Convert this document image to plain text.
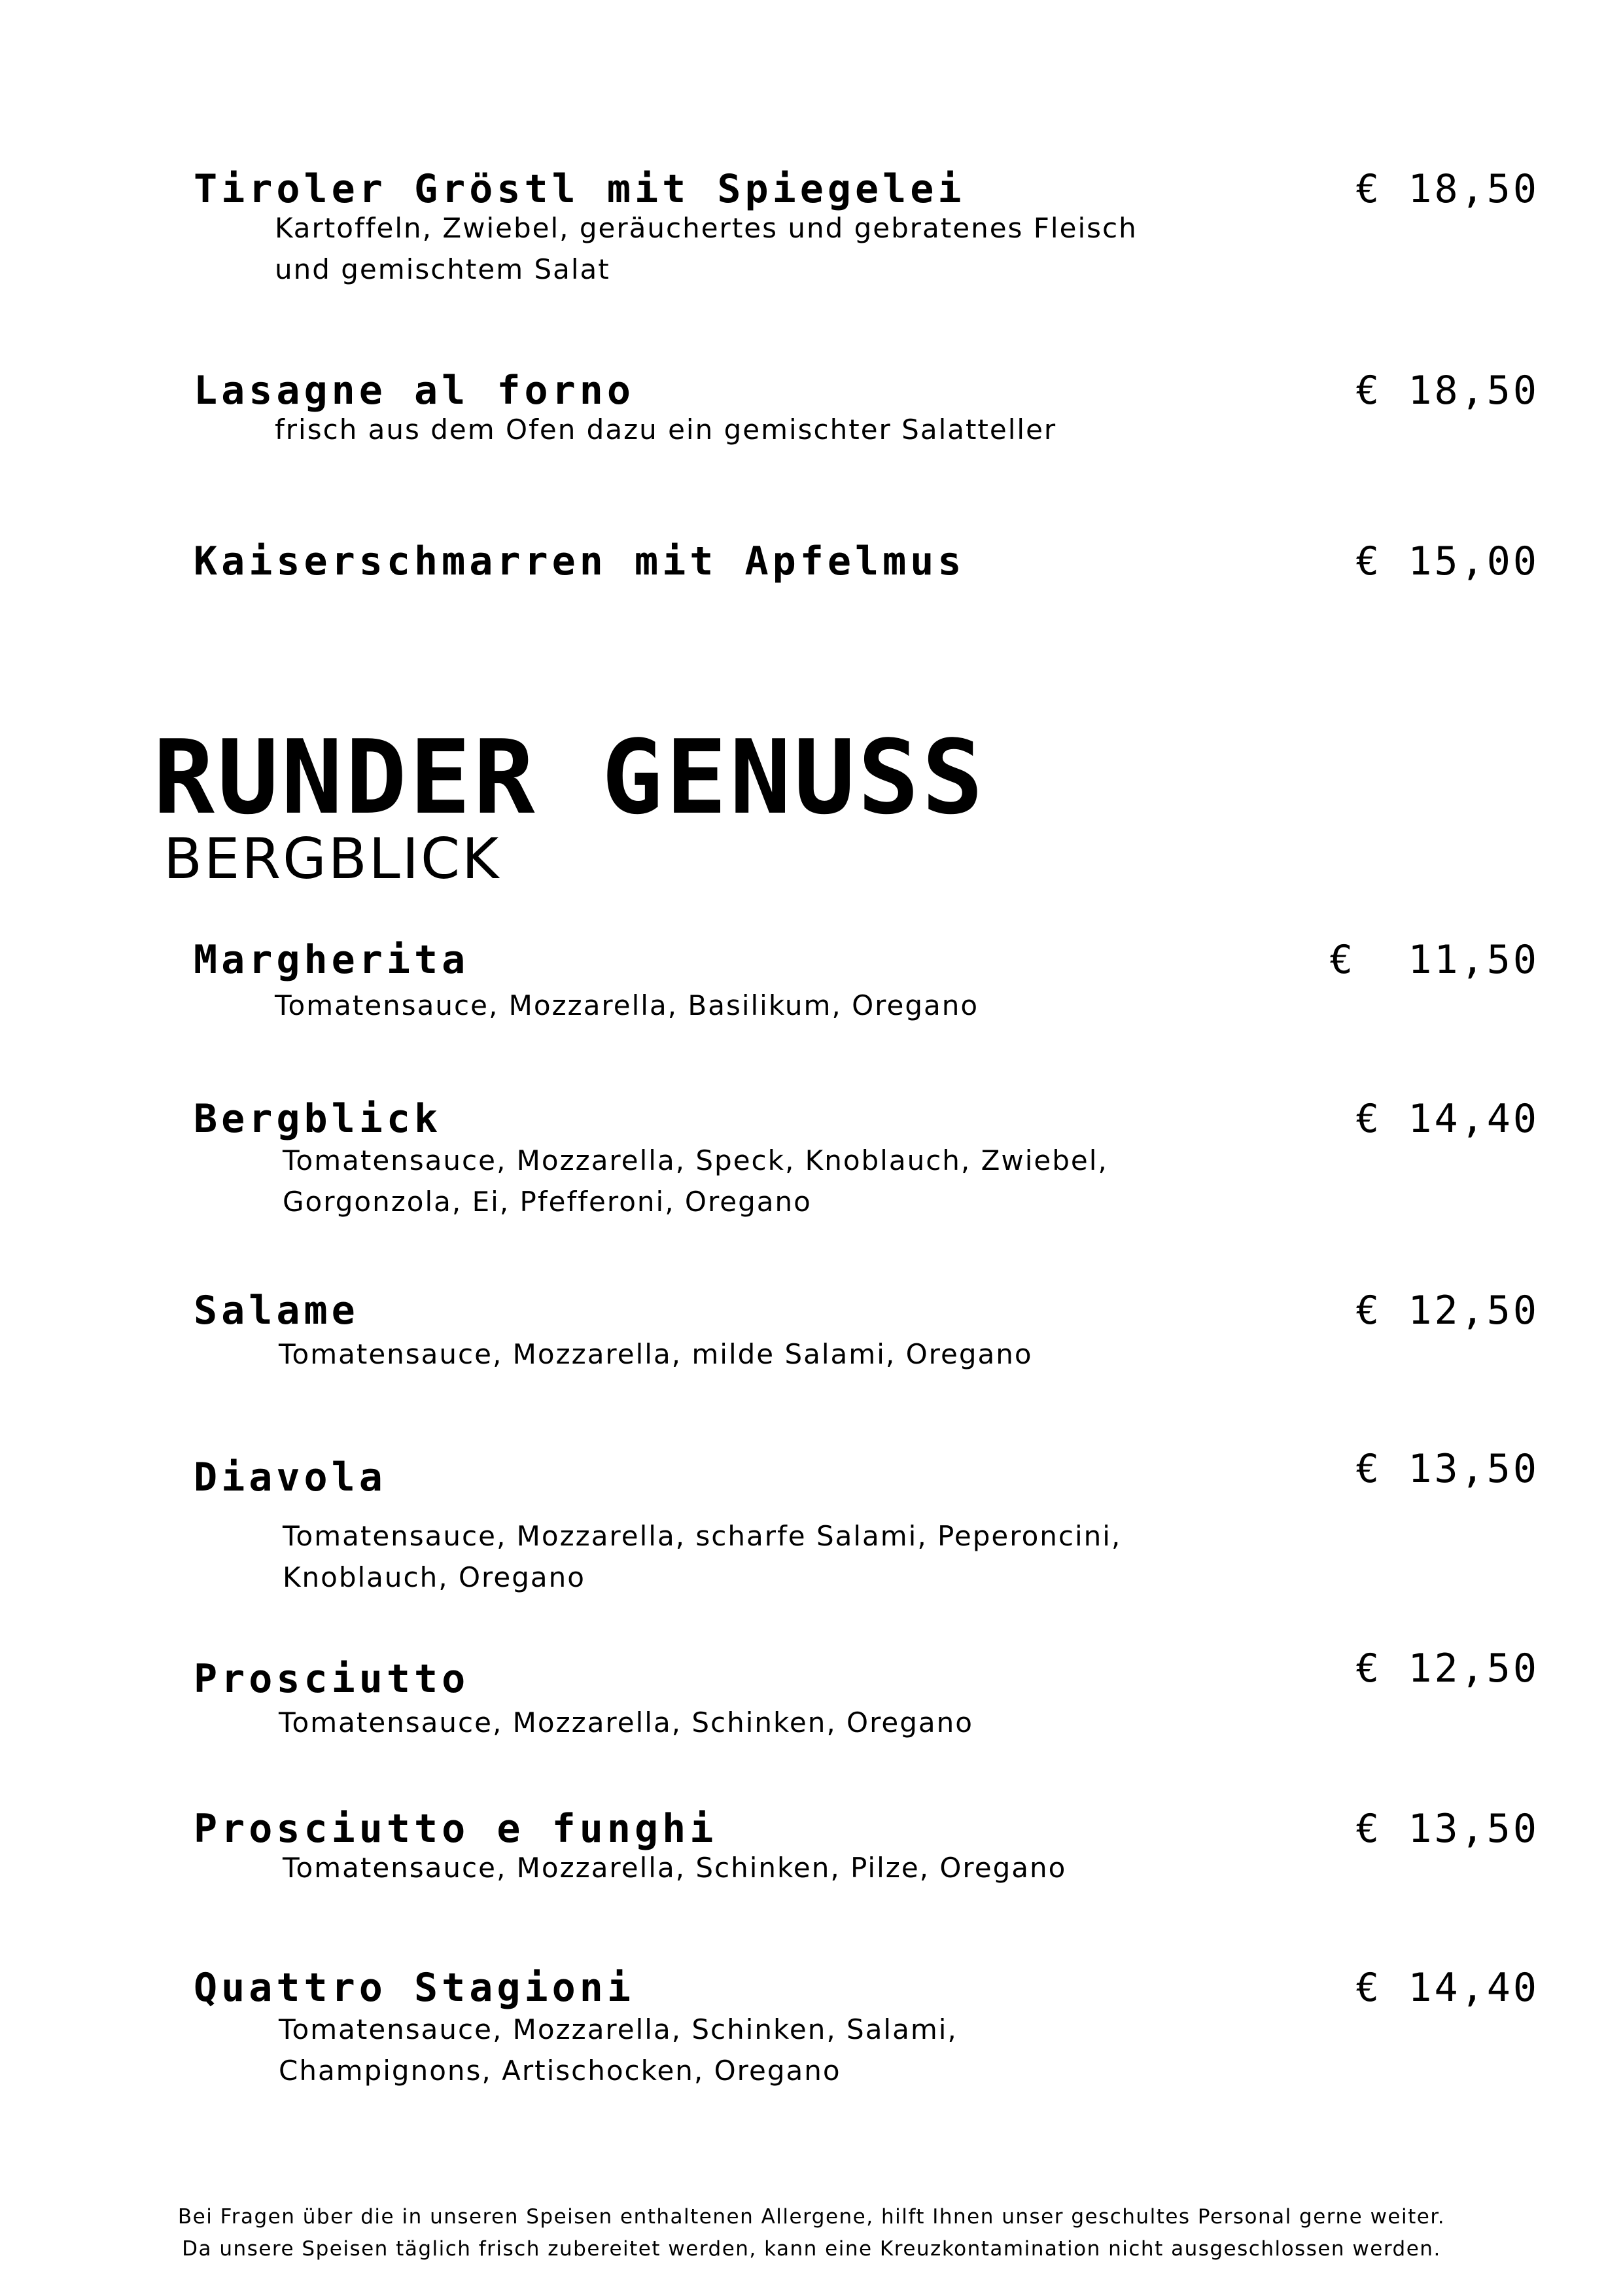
Tiroler Gröstl mit Spiegelei	€ 18,50
Kartoffeln, Zwiebel, geräuchertes und gebratenes Fleisch
und gemischtem Salat
Lasagne al forno	€ 18,50
frisch aus dem Ofen dazu ein gemischter Salatteller
Kaiserschmarren mit Apfelmus	€ 15,00
RUNDER GENUSS
BERGBLICK
Margherita	€  11,50
Tomatensauce, Mozzarella, Basilikum, Oregano
Bergblick	€ 14,40
Tomatensauce, Mozzarella, Speck, Knoblauch, Zwiebel,
Gorgonzola, Ei, Pfefferoni, Oregano
Salame	€ 12,50
Tomatensauce, Mozzarella, milde Salami, Oregano
Diavola	€ 13,50
Tomatensauce, Mozzarella, scharfe Salami, Peperoncini,
Knoblauch, Oregano
Prosciutto	€ 12,50
Tomatensauce, Mozzarella, Schinken, Oregano
Prosciutto e funghi	€ 13,50
Tomatensauce, Mozzarella, Schinken, Pilze, Oregano
Quattro Stagioni	€ 14,40
Tomatensauce, Mozzarella, Schinken, Salami,
Champignons, Artischocken, Oregano
Bei Fragen über die in unseren Speisen enthaltenen Allergene, hilft Ihnen unser geschultes Personal gerne weiter.
Da unsere Speisen täglich frisch zubereitet werden, kann eine Kreuzkontamination nicht ausgeschlossen werden.
